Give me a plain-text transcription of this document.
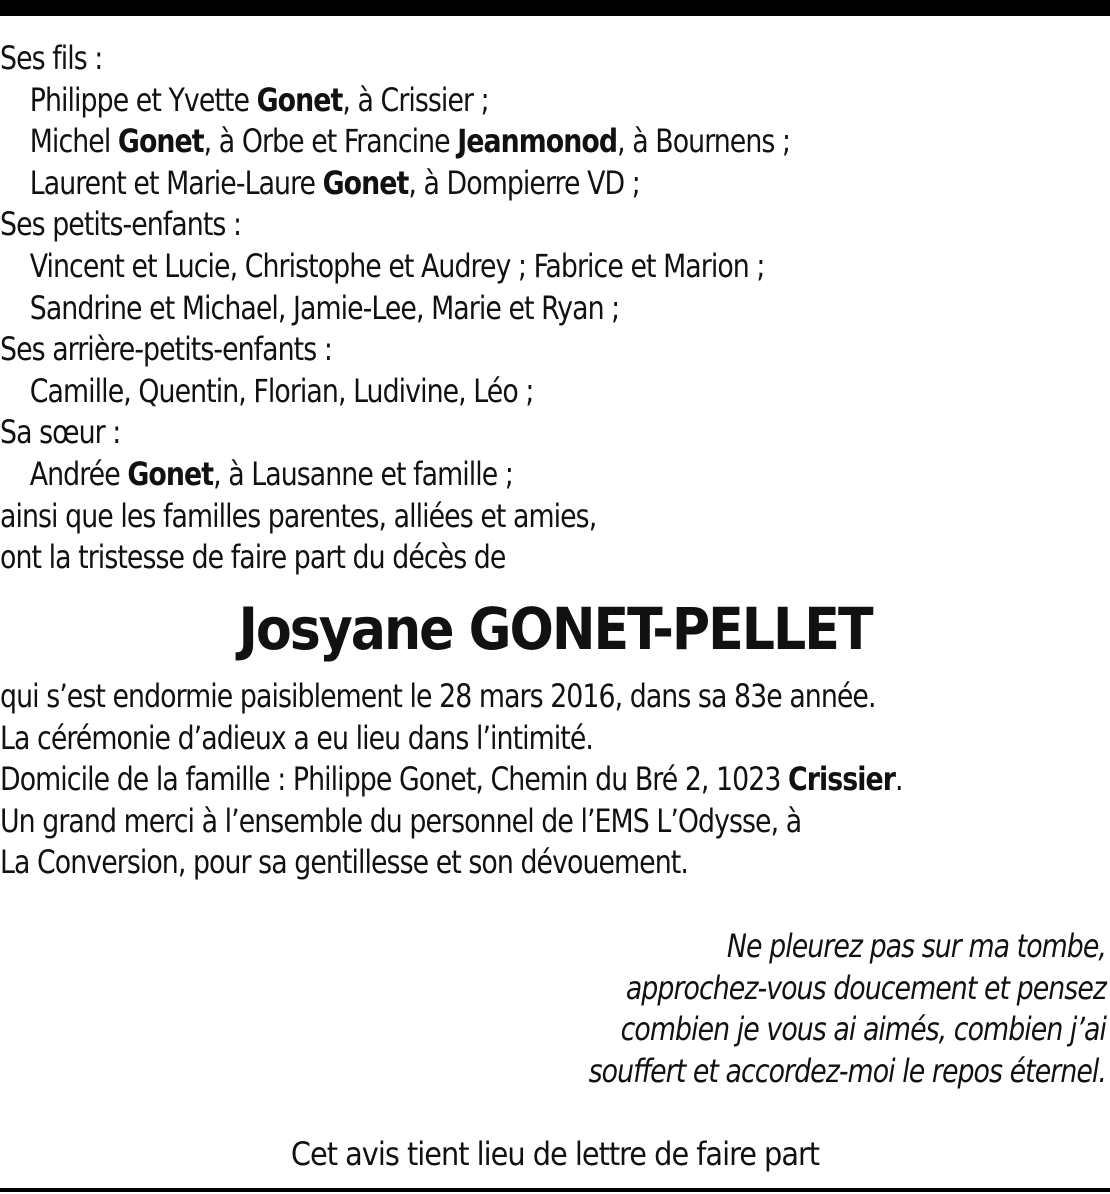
Ses fils :
Philippe et Yvette Gonet, à Crissier ;
Michel Gonet, à Orbe et Francine Jeanmonod, à Bournens ;
Laurent et Marie-Laure Gonet, à Dompierre VD ;
Ses petits-enfants :
Vincent et Lucie, Christophe et Audrey ; Fabrice et Marion ;
Sandrine et Michael, Jamie-Lee, Marie et Ryan ;
Ses arrière-petits-enfants :
Camille, Quentin, Florian, Ludivine, Léo ;
Sa sœur :
Andrée Gonet, à Lausanne et famille ;
ainsi que les familles parentes, alliées et amies,
ont la tristesse de faire part du décès de
Josyane GONET-PELLET
qui s’est endormie paisiblement le 28 mars 2016, dans sa 83e année.
La cérémonie d’adieux a eu lieu dans l’intimité.
Domicile de la famille : Philippe Gonet, Chemin du Bré 2, 1023 Crissier.
Un grand merci à l’ensemble du personnel de l’EMS L’Odysse, à
La Conversion, pour sa gentillesse et son dévouement.
Ne pleurez pas sur ma tombe,
approchez-vous doucement et pensez
combien je vous ai aimés, combien j’ai
souffert et accordez-moi le repos éternel.
Cet avis tient lieu de lettre de faire part
